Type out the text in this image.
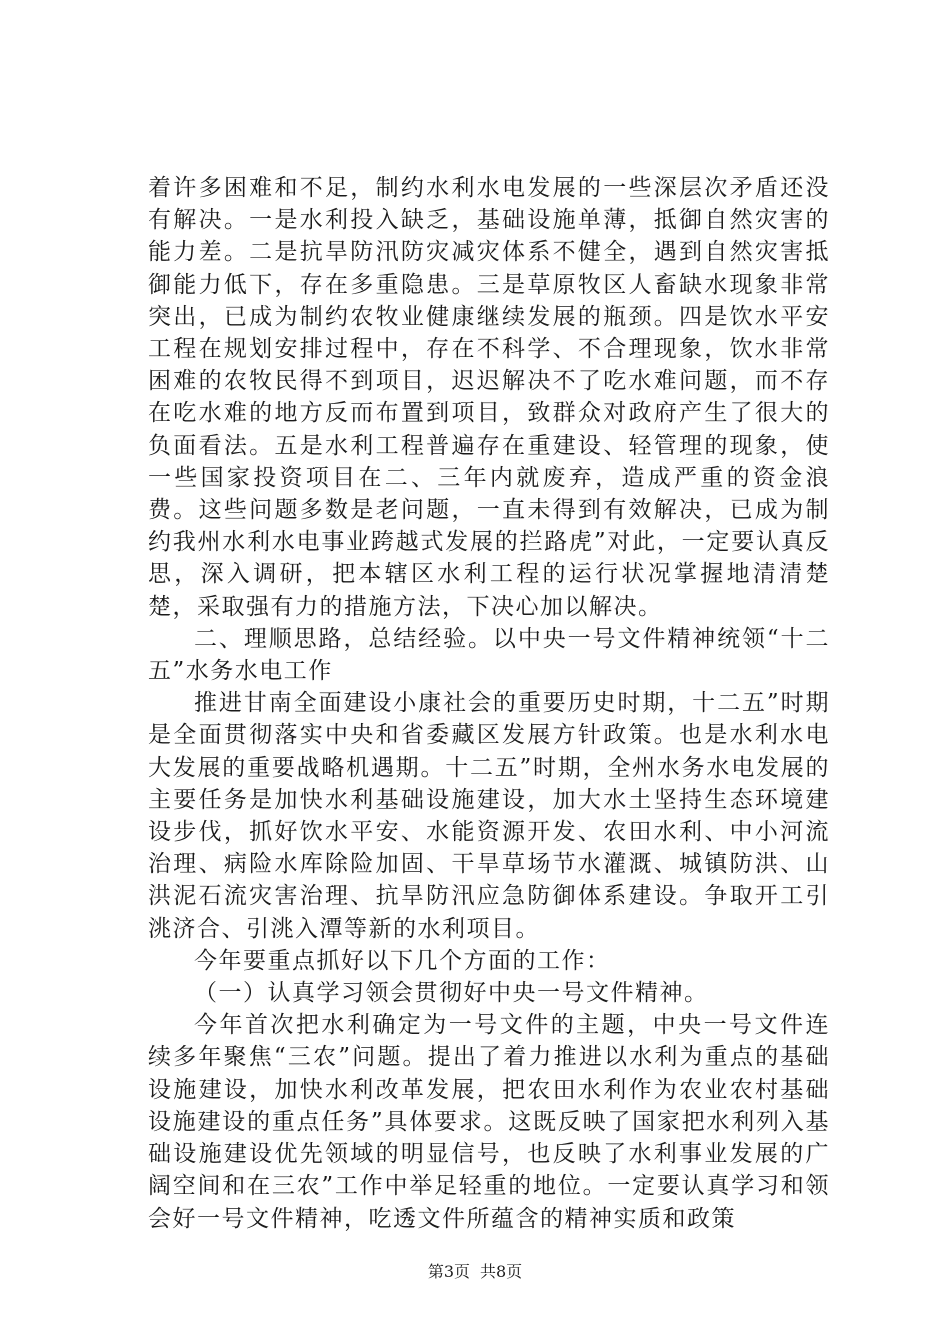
着许多困难和不足，制约水利水电发展的一些深层次矛盾还没有解决。一是水利投入缺乏，基础设施单薄，抵御自然灾害的能力差。二是抗旱防汛防灾减灾体系不健全，遇到自然灾害抵御能力低下，存在多重隐患。三是草原牧区人畜缺水现象非常突出，已成为制约农牧业健康继续发展的瓶颈。四是饮水平安工程在规划安排过程中，存在不科学、不合理现象，饮水非常困难的农牧民得不到项目，迟迟解决不了吃水难问题，而不存在吃水难的地方反而布置到项目，致群众对政府产生了很大的负面看法。五是水利工程普遍存在重建设、轻管理的现象，使一些国家投资项目在二、三年内就废弃，造成严重的资金浪费。这些问题多数是老问题，一直未得到有效解决，已成为制约我州水利水电事业跨越式发展的拦路虎”对此，一定要认真反思，深入调研，把本辖区水利工程的运行状况掌握地清清楚楚，采取强有力的措施方法，下决心加以解决。

二、理顺思路，总结经验。以中央一号文件精神统领“十二五”水务水电工作

推进甘南全面建设小康社会的重要历史时期，十二五”时期是全面贯彻落实中央和省委藏区发展方针政策。也是水利水电大发展的重要战略机遇期。十二五”时期，全州水务水电发展的主要任务是加快水利基础设施建设，加大水土坚持生态环境建设步伐，抓好饮水平安、水能资源开发、农田水利、中小河流治理、病险水库除险加固、干旱草场节水灌溉、城镇防洪、山洪泥石流灾害治理、抗旱防汛应急防御体系建设。争取开工引洮济合、引洮入潭等新的水利项目。

今年要重点抓好以下几个方面的工作：

（一）认真学习领会贯彻好中央一号文件精神。

今年首次把水利确定为一号文件的主题，中央一号文件连续多年聚焦“三农”问题。提出了着力推进以水利为重点的基础设施建设，加快水利改革发展，把农田水利作为农业农村基础设施建设的重点任务”具体要求。这既反映了国家把水利列入基础设施建设优先领域的明显信号，也反映了水利事业发展的广阔空间和在三农”工作中举足轻重的地位。一定要认真学习和领会好一号文件精神，吃透文件所蕴含的精神实质和政策

第3页 共8页
